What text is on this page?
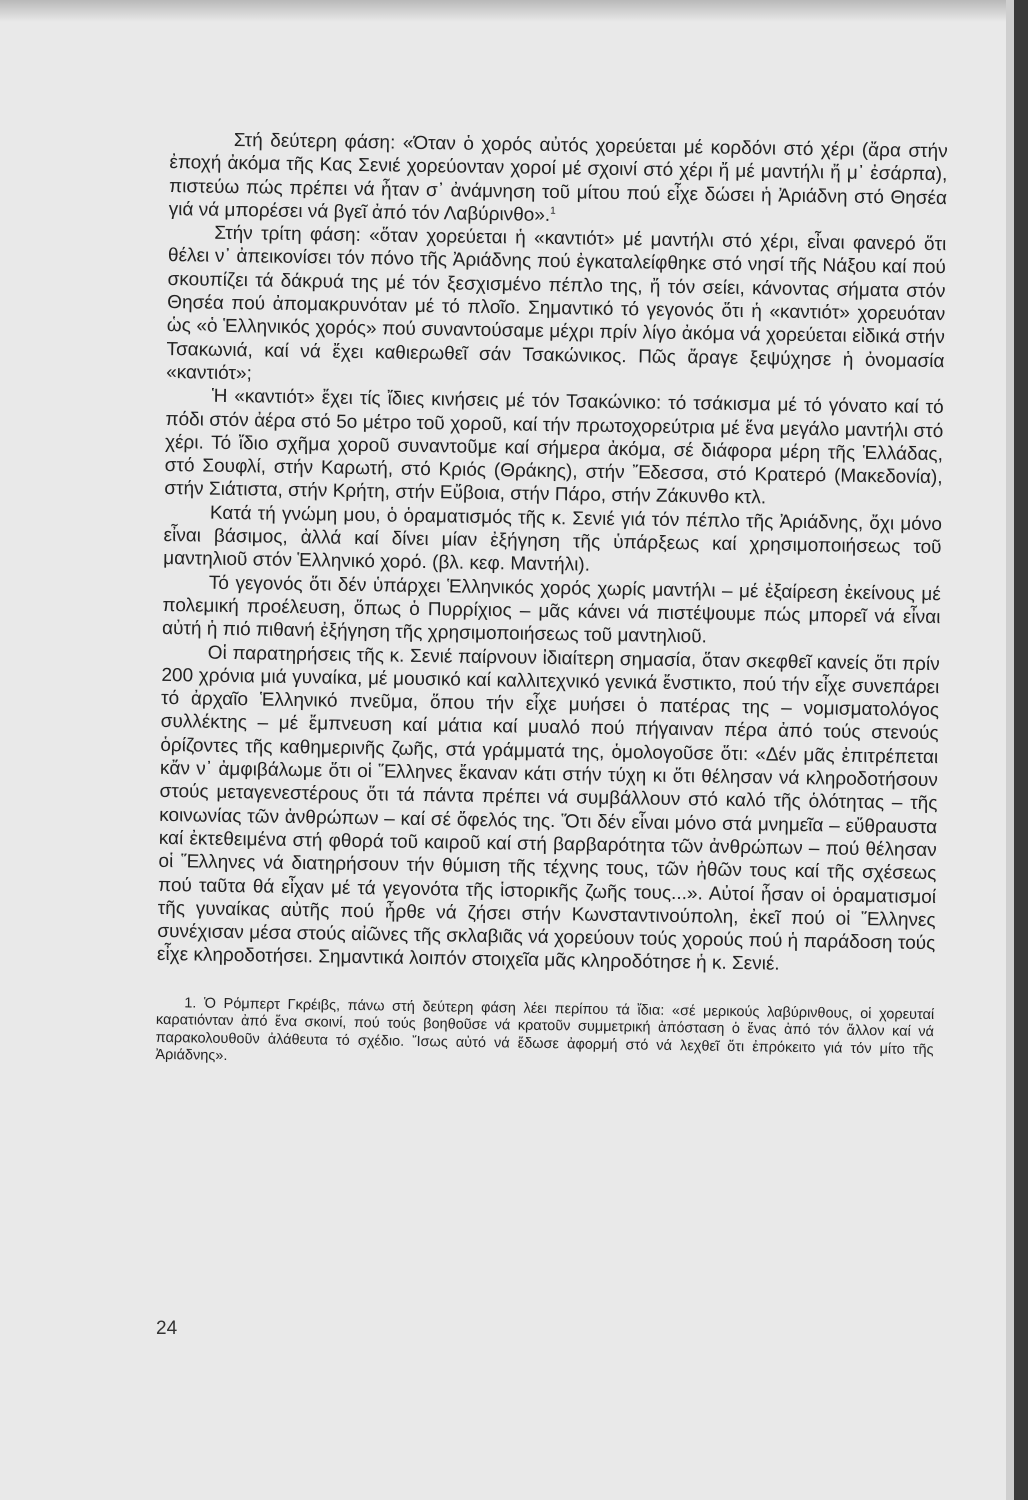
Στή δεύτερη φάση: «Όταν ὁ χορός αὐτός χορεύεται μέ κορδόνι στό χέρι (ἄρα στήν ἐποχή ἀκόμα τῆς Κας Σενιέ χορεύονταν χοροί μέ σχοινί στό χέρι ἤ μέ μαντήλι ἤ μ᾽ ἐσάρπα), πιστεύω πώς πρέπει νά ἦταν σ᾽ ἀνάμνηση τοῦ μίτου πού εἶχε δώσει ἡ Ἀριάδνη στό Θησέα γιά νά μπορέσει νά βγεῖ ἀπό τόν Λαβύρινθο».$^1$

Στήν τρίτη φάση: «ὅταν χορεύεται ἡ «καντιότ» μέ μαντήλι στό χέρι, εἶναι φανερό ὅτι θέλει ν᾽ ἀπεικονίσει τόν πόνο τῆς Ἀριάδνης πού ἐγκαταλείφθηκε στό νησί τῆς Νάξου καί πού σκουπίζει τά δάκρυά της μέ τόν ξεσχισμένο πέπλο της, ἤ τόν σείει, κάνοντας σήματα στόν Θησέα πού ἀπομακρυνόταν μέ τό πλοῖο. Σημαντικό τό γεγονός ὅτι ἡ «καντιότ» χορευόταν ὡς «ὁ Ἑλληνικός χορός» πού συναντούσαμε μέχρι πρίν λίγο ἀκόμα νά χορεύεται εἰδικά στήν Τσακωνιά, καί νά ἔχει καθιερωθεῖ σάν Τσακώνικος. Πῶς ἄραγε ξεψύχησε ἡ ὀνομασία «καντιότ»;

Ἡ «καντιότ» ἔχει τίς ἴδιες κινήσεις μέ τόν Τσακώνικο: τό τσάκισμα μέ τό γόνατο καί τό πόδι στόν ἀέρα στό 5ο μέτρο τοῦ χοροῦ, καί τήν πρωτοχορεύτρια μέ ἕνα μεγάλο μαντήλι στό χέρι. Τό ἴδιο σχῆμα χοροῦ συναντοῦμε καί σήμερα ἀκόμα, σέ διάφορα μέρη τῆς Ἑλλάδας, στό Σουφλί, στήν Καρωτή, στό Κριός (Θράκης), στήν Ἔδεσσα, στό Κρατερό (Μακεδονία), στήν Σιάτιστα, στήν Κρήτη, στήν Εὔβοια, στήν Πάρο, στήν Ζάκυνθο κτλ.

Κατά τή γνώμη μου, ὁ ὁραματισμός τῆς κ. Σενιέ γιά τόν πέπλο τῆς Ἀριάδνης, ὄχι μόνο εἶναι βάσιμος, ἀλλά καί δίνει μίαν ἐξήγηση τῆς ὑπάρξεως καί χρησιμοποιήσεως τοῦ μαντηλιοῦ στόν Ἑλληνικό χορό. (βλ. κεφ. Μαντήλι).

Τό γεγονός ὅτι δέν ὑπάρχει Ἑλληνικός χορός χωρίς μαντήλι – μέ ἐξαίρεση ἐκείνους μέ πολεμική προέλευση, ὅπως ὁ Πυρρίχιος – μᾶς κάνει νά πιστέψουμε πώς μπορεῖ νά εἶναι αὐτή ἡ πιό πιθανή ἐξήγηση τῆς χρησιμοποιήσεως τοῦ μαντηλιοῦ.

Οἱ παρατηρήσεις τῆς κ. Σενιέ παίρνουν ἰδιαίτερη σημασία, ὅταν σκεφθεῖ κανείς ὅτι πρίν 200 χρόνια μιά γυναίκα, μέ μουσικό καί καλλιτεχνικό γενικά ἔνστικτο, πού τήν εἶχε συνεπάρει τό ἀρχαῖο Ἑλληνικό πνεῦμα, ὅπου τήν εἶχε μυήσει ὁ πατέρας της – νομισματολόγος συλλέκτης – μέ ἔμπνευση καί μάτια καί μυαλό πού πήγαιναν πέρα ἀπό τούς στενούς ὁρίζοντες τῆς καθημερινῆς ζωῆς, στά γράμματά της, ὁμολογοῦσε ὅτι: «Δέν μᾶς ἐπιτρέπεται κἄν ν᾽ ἀμφιβάλωμε ὅτι οἱ Ἕλληνες ἔκαναν κάτι στήν τύχη κι ὅτι θέλησαν νά κληροδοτήσουν στούς μεταγενεστέρους ὅτι τά πάντα πρέπει νά συμβάλλουν στό καλό τῆς ὁλότητας – τῆς κοινωνίας τῶν ἀνθρώπων – καί σέ ὄφελός της. Ὅτι δέν εἶναι μόνο στά μνημεῖα – εὔθραυστα καί ἐκτεθειμένα στή φθορά τοῦ καιροῦ καί στή βαρβαρότητα τῶν ἀνθρώπων – πού θέλησαν οἱ Ἕλληνες νά διατηρήσουν τήν θύμιση τῆς τέχνης τους, τῶν ἠθῶν τους καί τῆς σχέσεως πού ταῦτα θά εἶχαν μέ τά γεγονότα τῆς ἱστορικῆς ζωῆς τους...». Αὐτοί ἦσαν οἱ ὁραματισμοί τῆς γυναίκας αὐτῆς πού ἦρθε νά ζήσει στήν Κωνσταντινούπολη, ἐκεῖ πού οἱ Ἕλληνες συνέχισαν μέσα στούς αἰῶνες τῆς σκλαβιᾶς νά χορεύουν τούς χορούς πού ἡ παράδοση τούς εἶχε κληροδοτήσει. Σημαντικά λοιπόν στοιχεῖα μᾶς κληροδότησε ἡ κ. Σενιέ.

1. Ὁ Ρόμπερτ Γκρέιβς, πάνω στή δεύτερη φάση λέει περίπου τά ἴδια: «σέ μερικούς λαβύρινθους, οἱ χορευταί καρατιόνταν ἀπό ἕνα σκοινί, πού τούς βοηθοῦσε νά κρατοῦν συμμετρική ἀπόσταση ὁ ἕνας ἀπό τόν ἄλλον καί νά παρακολουθοῦν ἀλάθευτα τό σχέδιο. Ἴσως αὐτό νά ἔδωσε ἀφορμή στό νά λεχθεῖ ὅτι ἐπρόκειτο γιά τόν μίτο τῆς Ἀριάδνης».

24
